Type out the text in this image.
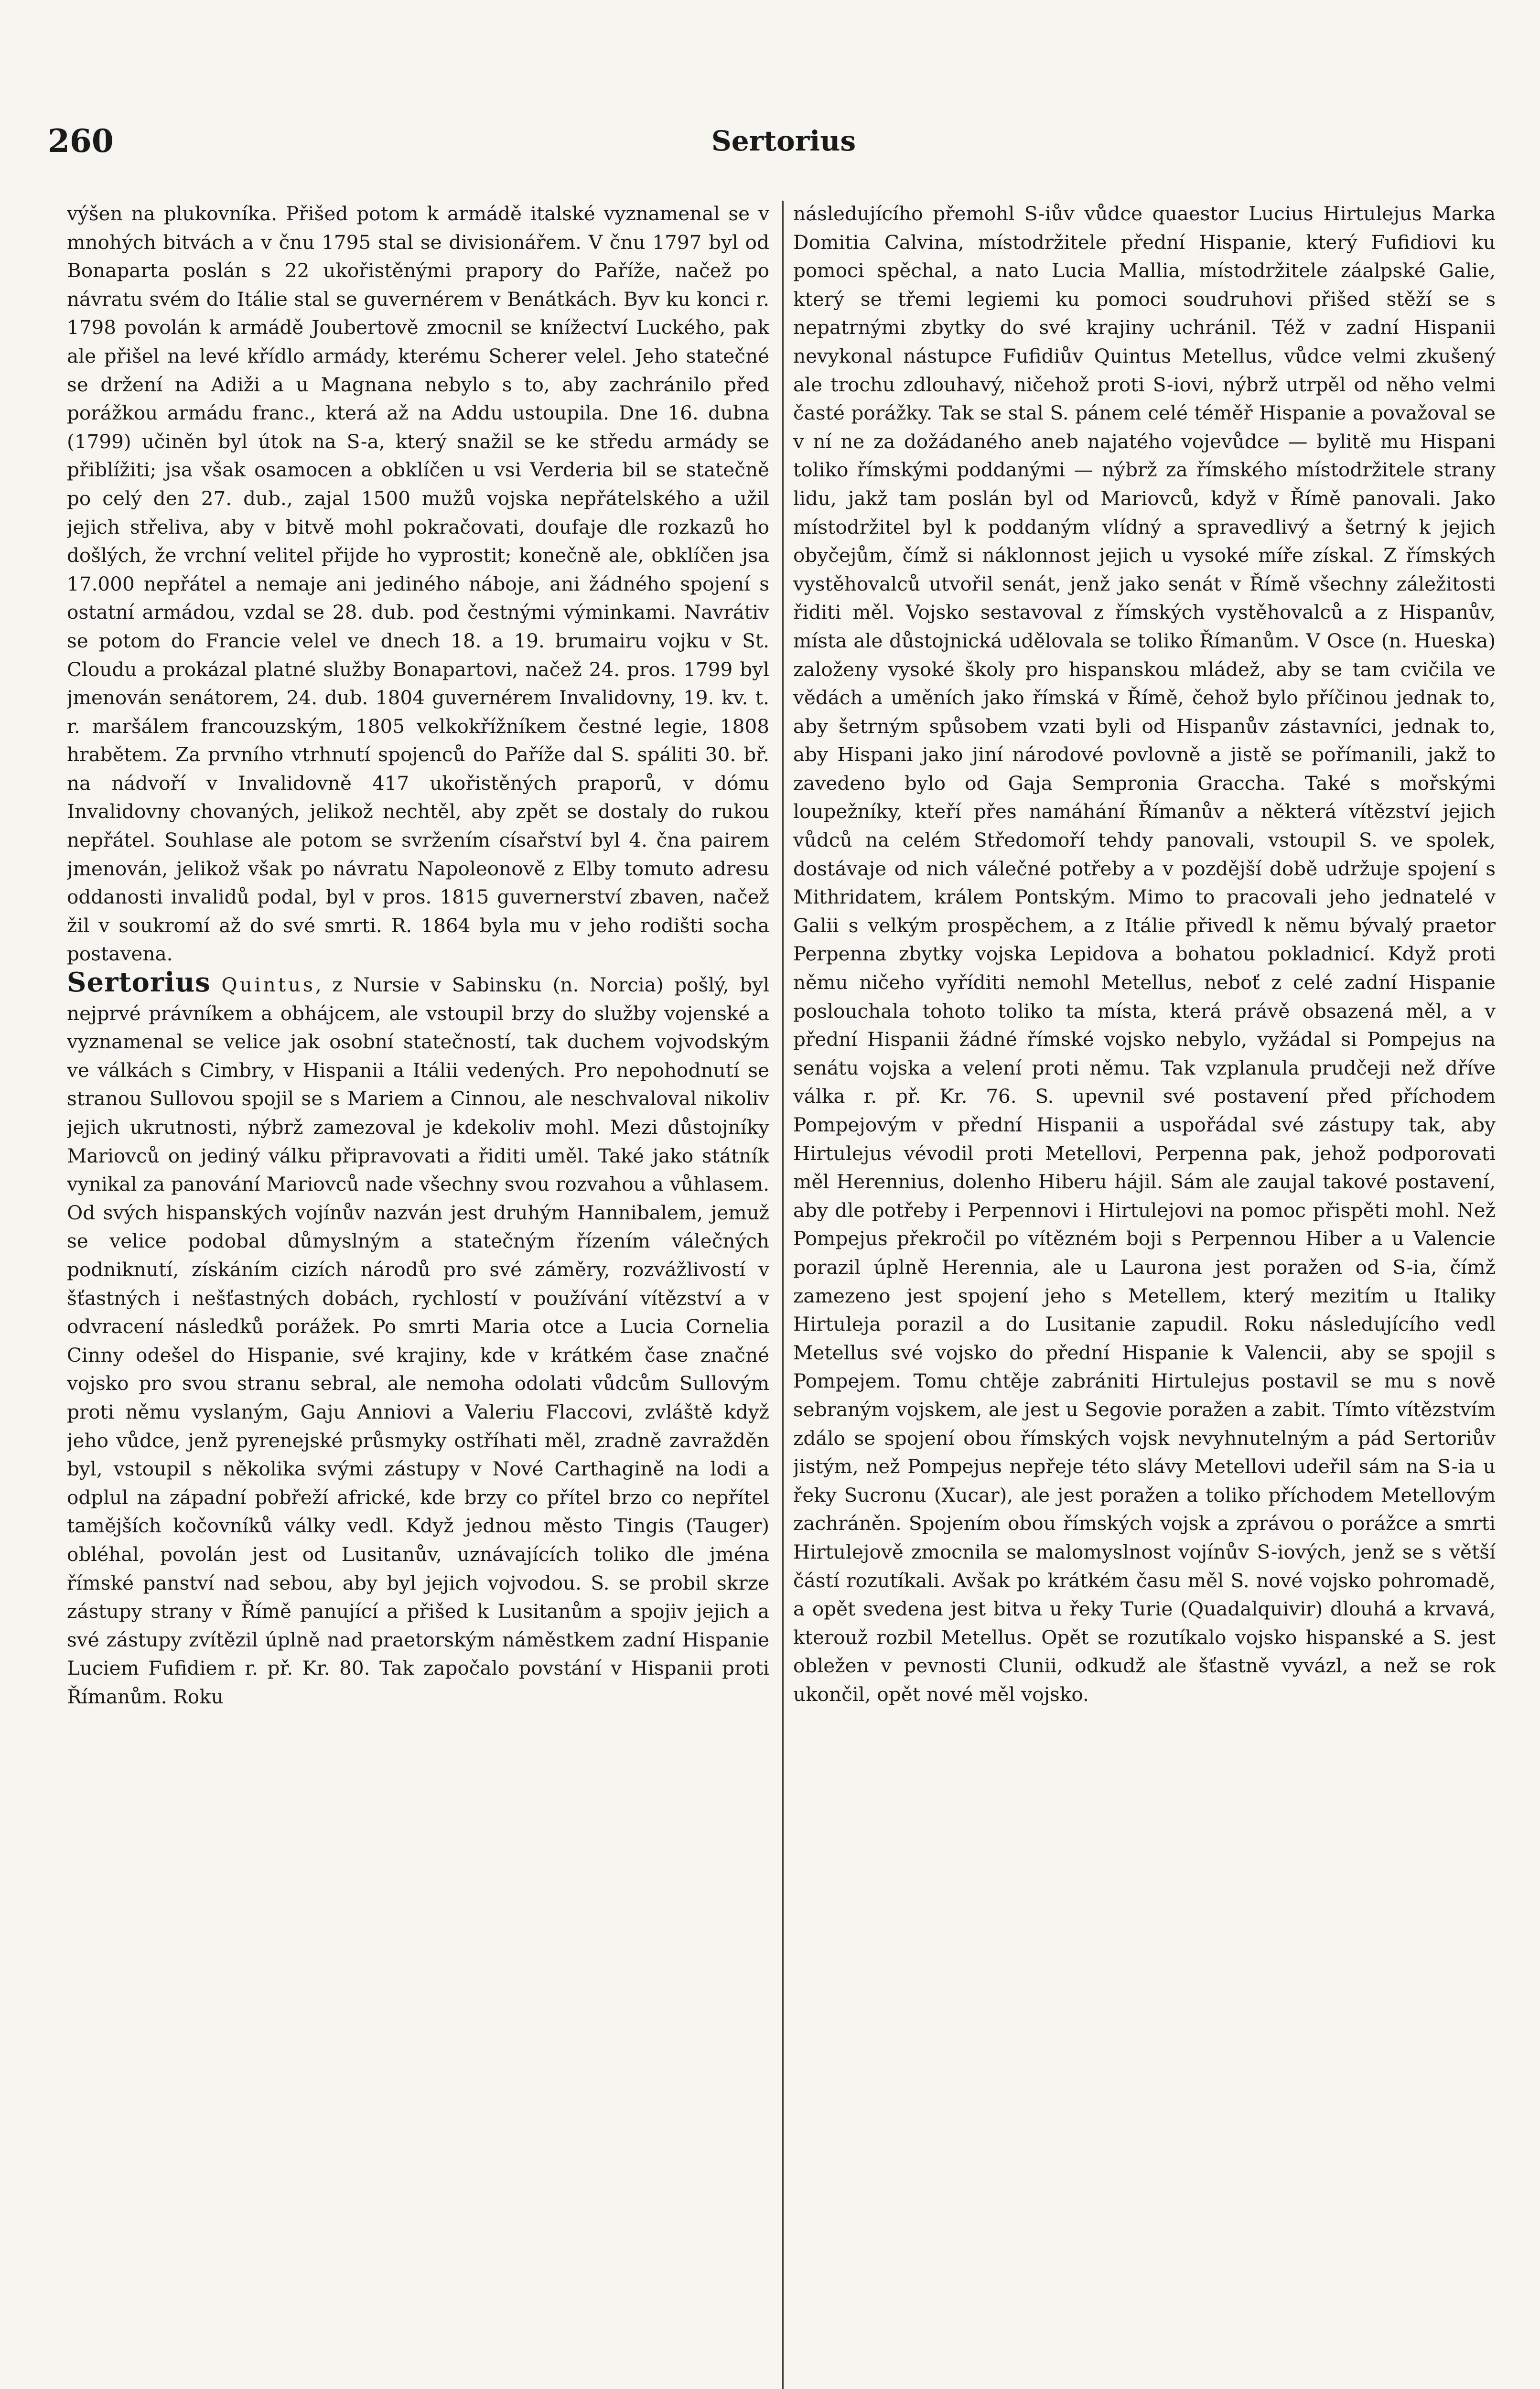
260	Sertorius

výšen na plukovníka. Přišed potom k armádě italské vyznamenal se v mnohých bitvách a v čnu 1795 stal se divisionářem. V čnu 1797 byl od Bonaparta poslán s 22 ukořistěnými prapory do Paříže, načež po návratu svém do Itálie stal se guvernérem v Benátkách. Byv ku konci r. 1798 povolán k armádě Joubertově zmocnil se knížectví Luckého, pak ale přišel na levé křídlo armády, kterému Scherer velel. Jeho statečné se držení na Adiži a u Magnana nebylo s to, aby zachránilo před porážkou armádu franc., která až na Addu ustoupila. Dne 16. dubna (1799) učiněn byl útok na S-a, který snažil se ke středu armády se přiblížiti; jsa však osamocen a obklíčen u vsi Verderia bil se statečně po celý den 27. dub., zajal 1500 mužů vojska nepřátelského a užil jejich střeliva, aby v bitvě mohl pokračovati, doufaje dle rozkazů ho došlých, že vrchní velitel přijde ho vyprostit; konečně ale, obklíčen jsa 17.000 nepřátel a nemaje ani jediného náboje, ani žádného spojení s ostatní armádou, vzdal se 28. dub. pod čestnými výminkami. Navrátiv se potom do Francie velel ve dnech 18. a 19. brumairu vojku v St. Cloudu a prokázal platné služby Bonapartovi, načež 24. pros. 1799 byl jmenován senátorem, 24. dub. 1804 guvernérem Invalidovny, 19. kv. t. r. maršálem francouzským, 1805 velkokřížníkem čestné legie, 1808 hrabětem. Za prvního vtrhnutí spojenců do Paříže dal S. spáliti 30. bř. na nádvoří v Invalidovně 417 ukořistěných praporů, v dómu Invalidovny chovaných, jelikož nechtěl, aby zpět se dostaly do rukou nepřátel. Souhlase ale potom se svržením císařství byl 4. čna pairem jmenován, jelikož však po návratu Napoleonově z Elby tomuto adresu oddanosti invalidů podal, byl v pros. 1815 guvernerství zbaven, načež žil v soukromí až do své smrti. R. 1864 byla mu v jeho rodišti socha postavena.

Sertorius Quintus, z Nursie v Sabinsku (n. Norcia) pošlý, byl nejprvé právníkem a obhájcem, ale vstoupil brzy do služby vojenské a vyznamenal se velice jak osobní statečností, tak duchem vojvodským ve válkách s Cimbry, v Hispanii a Itálii vedených. Pro nepohodnutí se stranou Sullovou spojil se s Mariem a Cinnou, ale neschvaloval nikoliv jejich ukrutnosti, nýbrž zamezoval je kdekoliv mohl. Mezi důstojníky Mariovců on jediný válku připravovati a řiditi uměl. Také jako státník vynikal za panování Mariovců nade všechny svou rozvahou a vůhlasem. Od svých hispanských vojínův nazván jest druhým Hannibalem, jemuž se velice podobal důmyslným a statečným řízením válečných podniknutí, získáním cizích národů pro své záměry, rozvážlivostí v šťastných i nešťastných dobách, rychlostí v používání vítězství a v odvracení následků porážek. Po smrti Maria otce a Lucia Cornelia Cinny odešel do Hispanie, své krajiny, kde v krátkém čase značné vojsko pro svou stranu sebral, ale nemoha odolati vůdcům Sullovým proti němu vyslaným, Gaju Anniovi a Valeriu Flaccovi, zvláště když jeho vůdce, jenž pyrenejské průsmyky ostříhati měl, zradně zavražděn byl, vstoupil s několika svými zástupy v Nové Carthagině na lodi a odplul na západní pobřeží africké, kde brzy co přítel brzo co nepřítel tamějších kočovníků války vedl. Když jednou město Tingis (Tauger) obléhal, povolán jest od Lusitanův, uznávajících toliko dle jména římské panství nad sebou, aby byl jejich vojvodou. S. se probil skrze zástupy strany v Římě panující a přišed k Lusitanům a spojiv jejich a své zástupy zvítězil úplně nad praetorským náměstkem zadní Hispanie Luciem Fufidiem r. př. Kr. 80. Tak započalo povstání v Hispanii proti Římanům. Roku

následujícího přemohl S-iův vůdce quaestor Lucius Hirtulejus Marka Domitia Calvina, místodržitele přední Hispanie, který Fufidiovi ku pomoci spěchal, a nato Lucia Mallia, místodržitele záalpské Galie, který se třemi legiemi ku pomoci soudruhovi přišed stěží se s nepatrnými zbytky do své krajiny uchránil. Též v zadní Hispanii nevykonal nástupce Fufidiův Quintus Metellus, vůdce velmi zkušený ale trochu zdlouhavý, ničehož proti S-iovi, nýbrž utrpěl od něho velmi časté porážky. Tak se stal S. pánem celé téměř Hispanie a považoval se v ní ne za dožádaného aneb najatého vojevůdce — bylitě mu Hispani toliko římskými poddanými — nýbrž za římského místodržitele strany lidu, jakž tam poslán byl od Mariovců, když v Římě panovali. Jako místodržitel byl k poddaným vlídný a spravedlivý a šetrný k jejich obyčejům, čímž si náklonnost jejich u vysoké míře získal. Z římských vystěhovalců utvořil senát, jenž jako senát v Římě všechny záležitosti řiditi měl. Vojsko sestavoval z římských vystěhovalců a z Hispanův, místa ale důstojnická udělovala se toliko Římanům. V Osce (n. Hueska) založeny vysoké školy pro hispanskou mládež, aby se tam cvičila ve vědách a uměních jako římská v Římě, čehož bylo příčinou jednak to, aby šetrným spůsobem vzati byli od Hispanův zástavníci, jednak to, aby Hispani jako jiní národové povlovně a jistě se pořímanili, jakž to zavedeno bylo od Gaja Sempronia Gracchа. Také s mořskými loupežníky, kteří přes namáhání Římanův a některá vítězství jejich vůdců na celém Středomoří tehdy panovali, vstoupil S. ve spolek, dostávaje od nich válečné potřeby a v pozdější době udržuje spojení s Mithridatem, králem Pontským. Mimo to pracovali jeho jednatelé v Galii s velkým prospěchem, a z Itálie přivedl k němu bývalý praetor Perpenna zbytky vojska Lepidova a bohatou pokladnicí. Když proti němu ničeho vyříditi nemohl Metellus, neboť z celé zadní Hispanie poslouchala tohoto toliko ta místa, která právě obsazená měl, a v přední Hispanii žádné římské vojsko nebylo, vyžádal si Pompejus na senátu vojska a velení proti němu. Tak vzplanula prudčeji než dříve válka r. př. Kr. 76. S. upevnil své postavení před příchodem Pompejovým v přední Hispanii a uspořádal své zástupy tak, aby Hirtulejus vévodil proti Metellovi, Perpenna pak, jehož podporovati měl Herennius, dolenho Hiberu hájil. Sám ale zaujal takové postavení, aby dle potřeby i Perpennovi i Hirtulejovi na pomoc přispěti mohl. Než Pompejus překročil po vítězném boji s Perpennou Hiber a u Valencie porazil úplně Herennia, ale u Laurona jest poražen od S-ia, čímž zamezeno jest spojení jeho s Metellem, který mezitím u Italiky Hirtuleja porazil a do Lusitanie zapudil. Roku následujícího vedl Metellus své vojsko do přední Hispanie k Valencii, aby se spojil s Pompejem. Tomu chtěje zabrániti Hirtulejus postavil se mu s nově sebraným vojskem, ale jest u Segovie poražen a zabit. Tímto vítězstvím zdálo se spojení obou římských vojsk nevyhnutelným a pád Sertoriův jistým, než Pompejus nepřeje této slávy Metellovi udeřil sám na S-ia u řeky Sucronu (Xucar), ale jest poražen a toliko příchodem Metellovým zachráněn. Spojením obou římských vojsk a zprávou o porážce a smrti Hirtulejově zmocnila se malomyslnost vojínův S-iových, jenž se s větší částí rozutíkali. Avšak po krátkém času měl S. nové vojsko pohromadě, a opět svedena jest bitva u řeky Turie (Quadalquivir) dlouhá a krvavá, kterouž rozbil Metellus. Opět se rozutíkalo vojsko hispanské a S. jest obležen v pevnosti Clunii, odkudž ale šťastně vyvázl, a než se rok ukončil, opět nové měl vojsko.
